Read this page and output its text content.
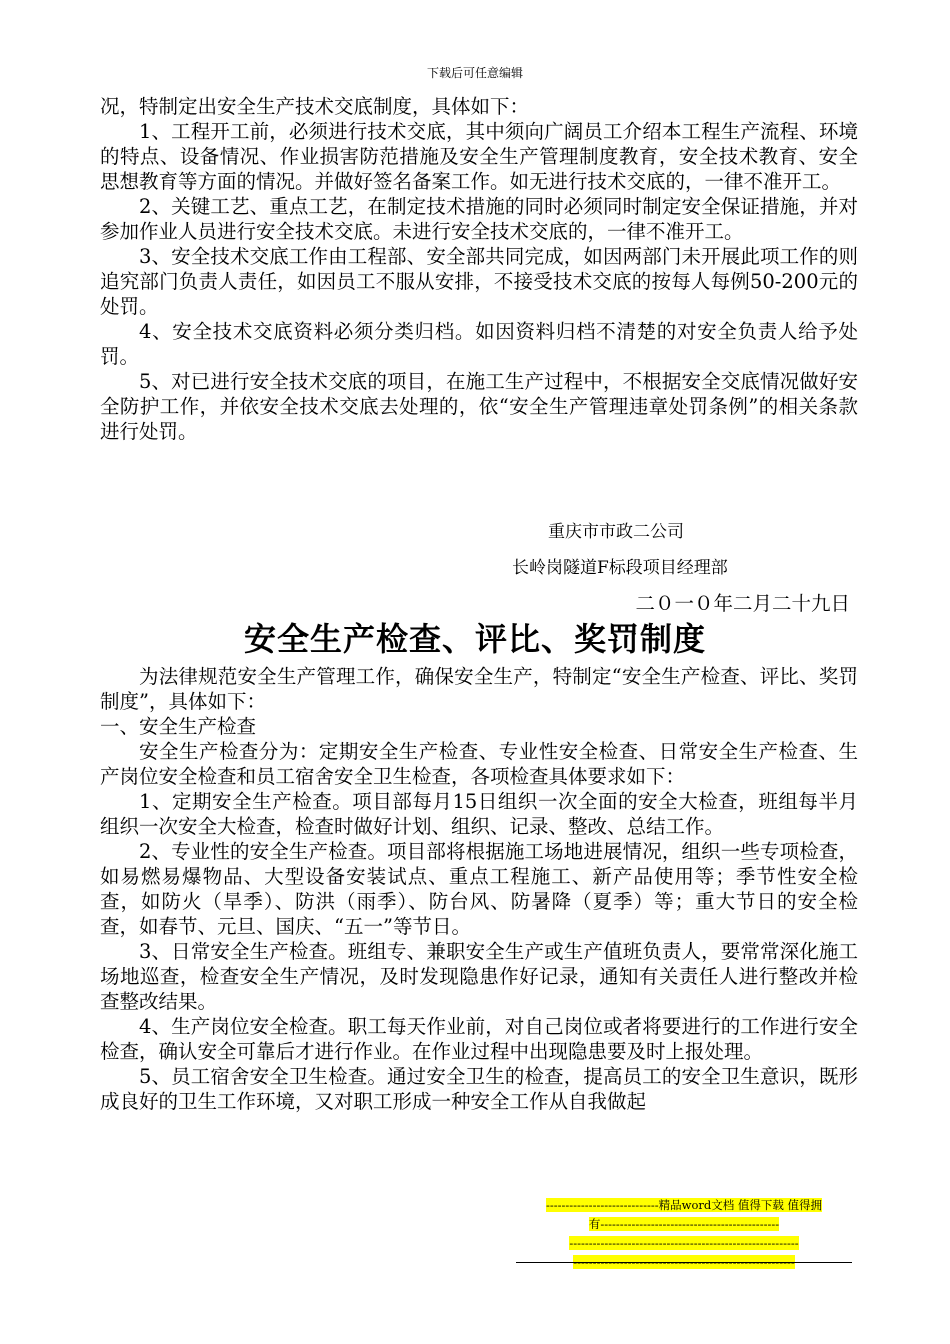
下载后可任意编辑

况，特制定出安全生产技术交底制度，具体如下：

1、工程开工前，必须进行技术交底，其中须向广阔员工介绍本工程生产流程、环境的特点、设备情况、作业损害防范措施及安全生产管理制度教育，安全技术教育、安全思想教育等方面的情况。并做好签名备案工作。如无进行技术交底的，一律不准开工。

2、关键工艺、重点工艺，在制定技术措施的同时必须同时制定安全保证措施，并对参加作业人员进行安全技术交底。未进行安全技术交底的，一律不准开工。

3、安全技术交底工作由工程部、安全部共同完成，如因两部门未开展此项工作的则追究部门负责人责任，如因员工不服从安排，不接受技术交底的按每人每例50-200元的处罚。

4、安全技术交底资料必须分类归档。如因资料归档不清楚的对安全负责人给予处罚。

5、对已进行安全技术交底的项目，在施工生产过程中，不根据安全交底情况做好安全防护工作，并依安全技术交底去处理的，依“安全生产管理违章处罚条例”的相关条款进行处罚。

重庆市市政二公司
长岭岗隧道F标段项目经理部
二０一０年二月二十九日
安全生产检查、评比、奖罚制度

为法律规范安全生产管理工作，确保安全生产，特制定“安全生产检查、评比、奖罚制度”，具体如下：

一、安全生产检查

安全生产检查分为：定期安全生产检查、专业性安全检查、日常安全生产检查、生产岗位安全检查和员工宿舍安全卫生检查，各项检查具体要求如下：

1、定期安全生产检查。项目部每月15日组织一次全面的安全大检查，班组每半月组织一次安全大检查，检查时做好计划、组织、记录、整改、总结工作。

2、专业性的安全生产检查。项目部将根据施工场地进展情况，组织一些专项检查，如易燃易爆物品、大型设备安装试点、重点工程施工、新产品使用等；季节性安全检查，如防火（旱季）、防洪（雨季）、防台风、防暑降（夏季）等；重大节日的安全检查，如春节、元旦、国庆、“五一”等节日。

3、日常安全生产检查。班组专、兼职安全生产或生产值班负责人，要常常深化施工场地巡查，检查安全生产情况，及时发现隐患作好记录，通知有关责任人进行整改并检查整改结果。

4、生产岗位安全检查。职工每天作业前，对自己岗位或者将要进行的工作进行安全检查，确认安全可靠后才进行作业。在作业过程中出现隐患要及时上报处理。

5、员工宿舍安全卫生检查。通过安全卫生的检查，提高员工的安全卫生意识，既形成良好的卫生工作环境，又对职工形成一种安全工作从自我做起

-----------------------------精品word文档 值得下载 值得拥
有----------------------------------------------
-----------------------------------------------------------
---------------------------------------------------------
